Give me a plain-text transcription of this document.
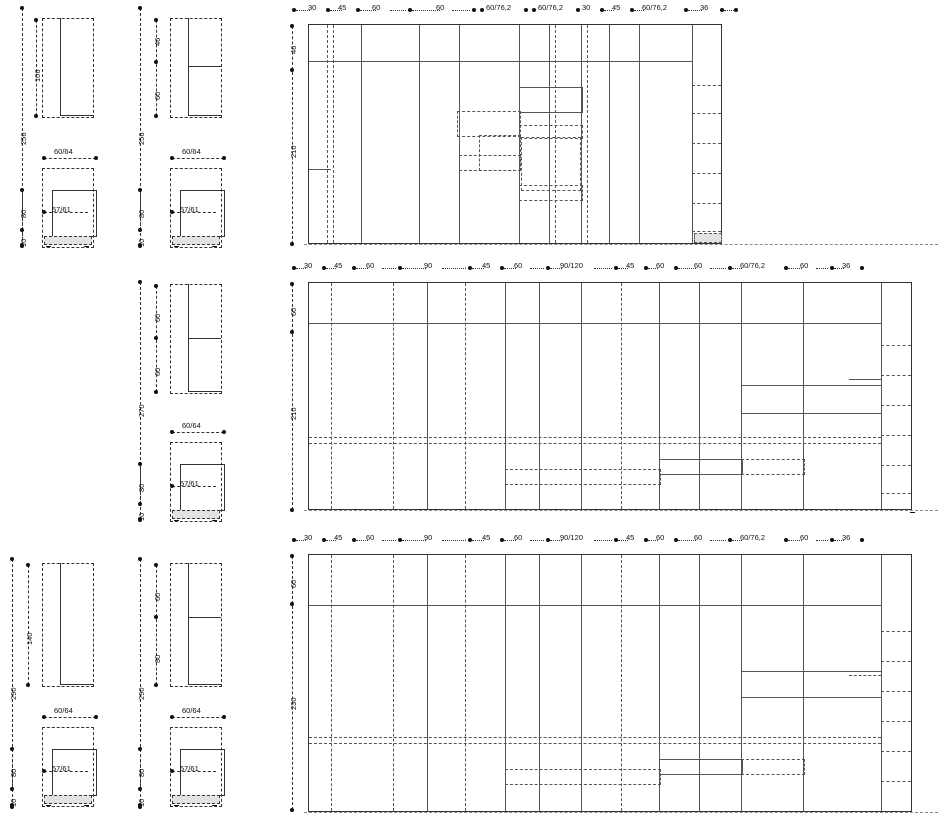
256
106
80
10
60/64
57/61
256
46
60
80
10
60/64
57/61
30	45	60	60	60/76,2	60/76,2	30	45	60/76,2	36
46
210
270
60
60
80
10
60/64
57/61
30	45	60	90	45	60	90/120	45	60	60	60/76,2	60	36
60
210
290
140
80
10
60/64
57/61
290
60
80
80
10
60/64
57/61
30	45	60	90	45	60	90/120	45	60	60	60/76,2	60	36
60
230
